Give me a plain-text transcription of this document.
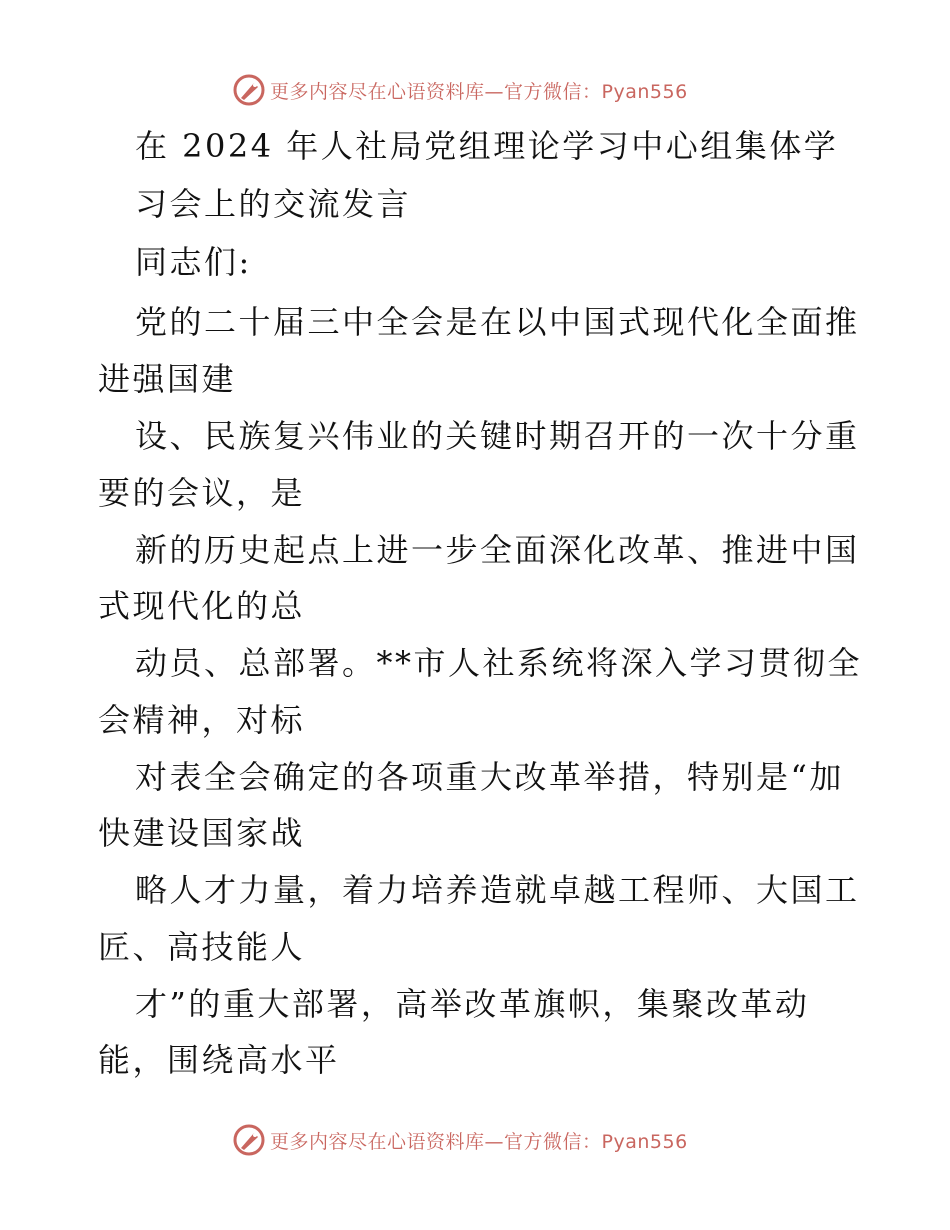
更多内容尽在心语资料库—官方微信：Pyan556

在 2024 年人社局党组理论学习中心组集体学

习会上的交流发言

同志们:

党的二十届三中全会是在以中国式现代化全面推

进强国建

设、民族复兴伟业的关键时期召开的一次十分重

要的会议，是

新的历史起点上进一步全面深化改革、推进中国

式现代化的总

动员、总部署。**市人社系统将深入学习贯彻全

会精神，对标

对表全会确定的各项重大改革举措，特别是“加

快建设国家战

略人才力量，着力培养造就卓越工程师、大国工

匠、高技能人

才”的重大部署，高举改革旗帜，集聚改革动

能，围绕高水平

更多内容尽在心语资料库—官方微信：Pyan556
